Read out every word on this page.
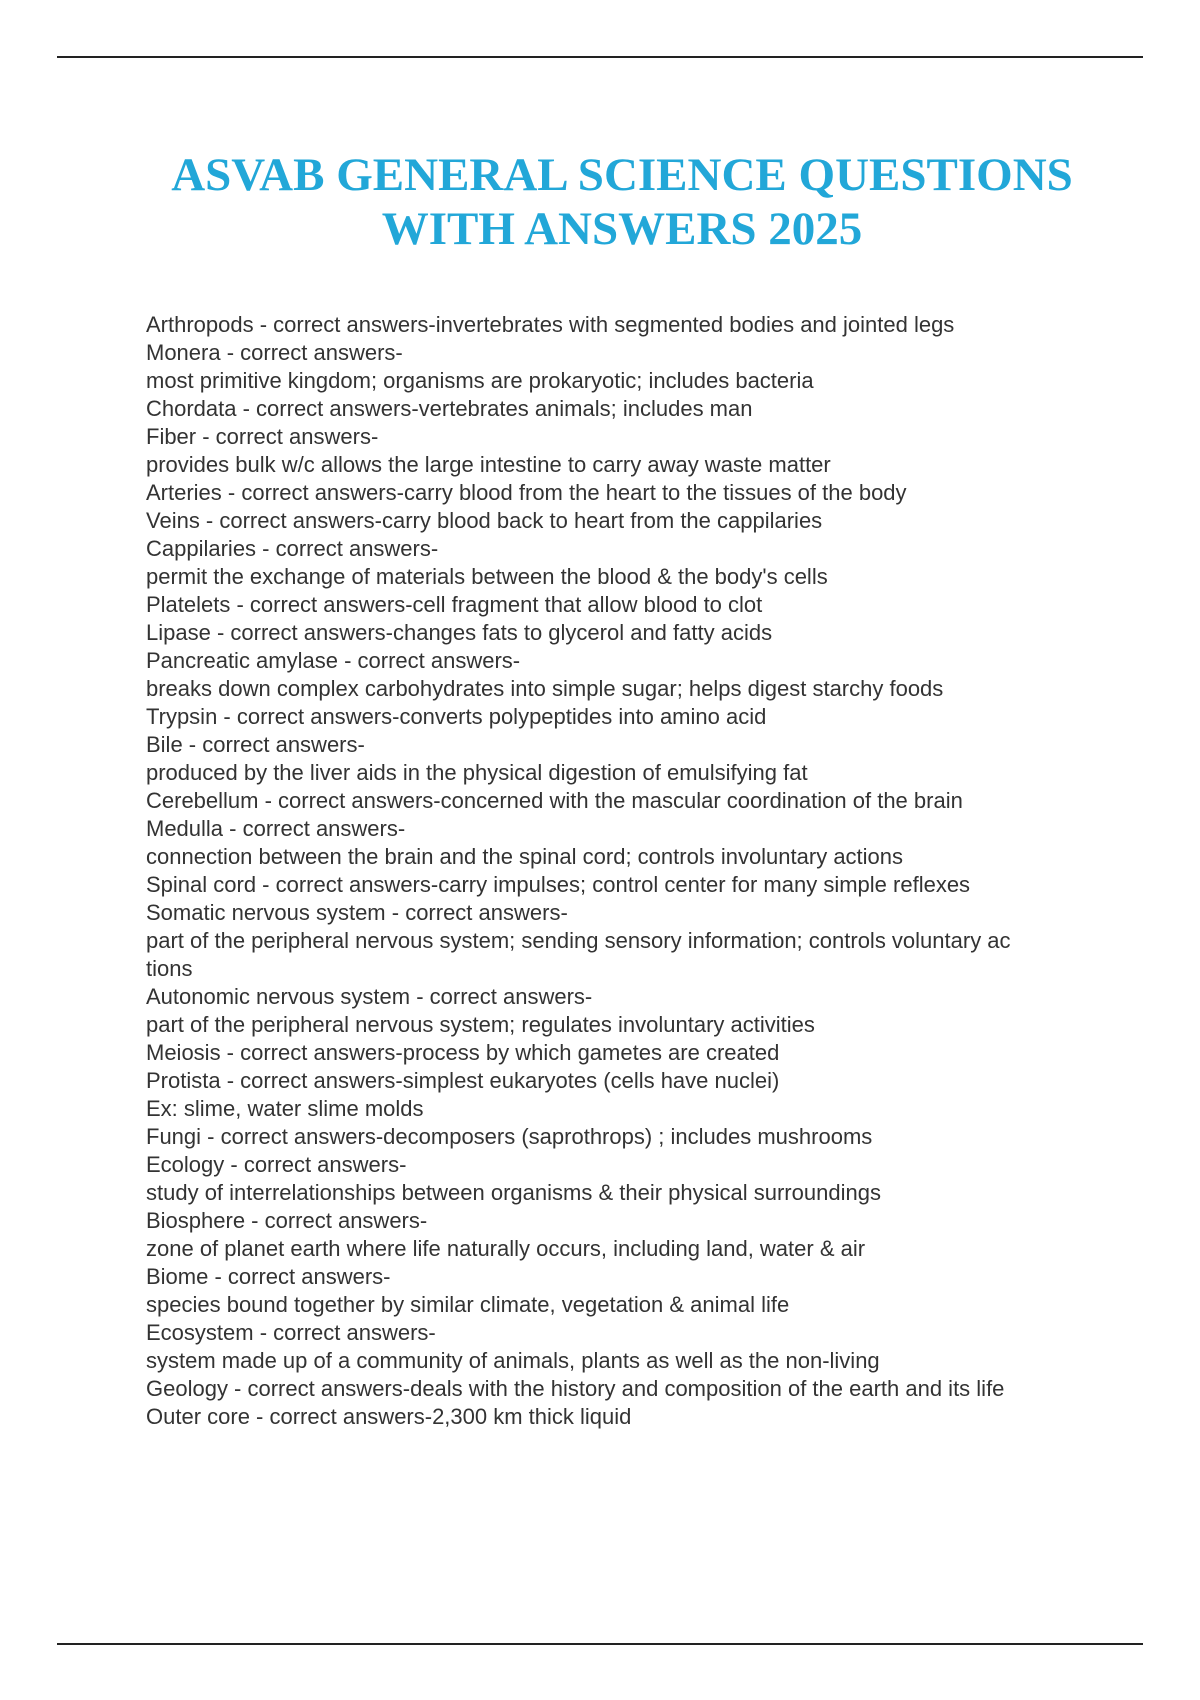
ASVAB GENERAL SCIENCE QUESTIONS
WITH ANSWERS 2025
Arthropods - correct answers-invertebrates with segmented bodies and jointed legs
Monera - correct answers-
most primitive kingdom; organisms are prokaryotic; includes bacteria
Chordata - correct answers-vertebrates animals; includes man
Fiber - correct answers-
provides bulk w/c allows the large intestine to carry away waste matter
Arteries - correct answers-carry blood from the heart to the tissues of the body
Veins - correct answers-carry blood back to heart from the cappilaries
Cappilaries - correct answers-
permit the exchange of materials between the blood & the body's cells
Platelets - correct answers-cell fragment that allow blood to clot
Lipase - correct answers-changes fats to glycerol and fatty acids
Pancreatic amylase - correct answers-
breaks down complex carbohydrates into simple sugar; helps digest starchy foods
Trypsin - correct answers-converts polypeptides into amino acid
Bile - correct answers-
produced by the liver aids in the physical digestion of emulsifying fat
Cerebellum - correct answers-concerned with the mascular coordination of the brain
Medulla - correct answers-
connection between the brain and the spinal cord; controls involuntary actions
Spinal cord - correct answers-carry impulses; control center for many simple reflexes
Somatic nervous system - correct answers-
part of the peripheral nervous system; sending sensory information; controls voluntary ac
tions
Autonomic nervous system - correct answers-
part of the peripheral nervous system; regulates involuntary activities
Meiosis - correct answers-process by which gametes are created
Protista - correct answers-simplest eukaryotes (cells have nuclei)
Ex: slime, water slime molds
Fungi - correct answers-decomposers (saprothrops) ; includes mushrooms
Ecology - correct answers-
study of interrelationships between organisms & their physical surroundings
Biosphere - correct answers-
zone of planet earth where life naturally occurs, including land, water & air
Biome - correct answers-
species bound together by similar climate, vegetation & animal life
Ecosystem - correct answers-
system made up of a community of animals, plants as well as the non-living
Geology - correct answers-deals with the history and composition of the earth and its life
Outer core - correct answers-2,300 km thick liquid
